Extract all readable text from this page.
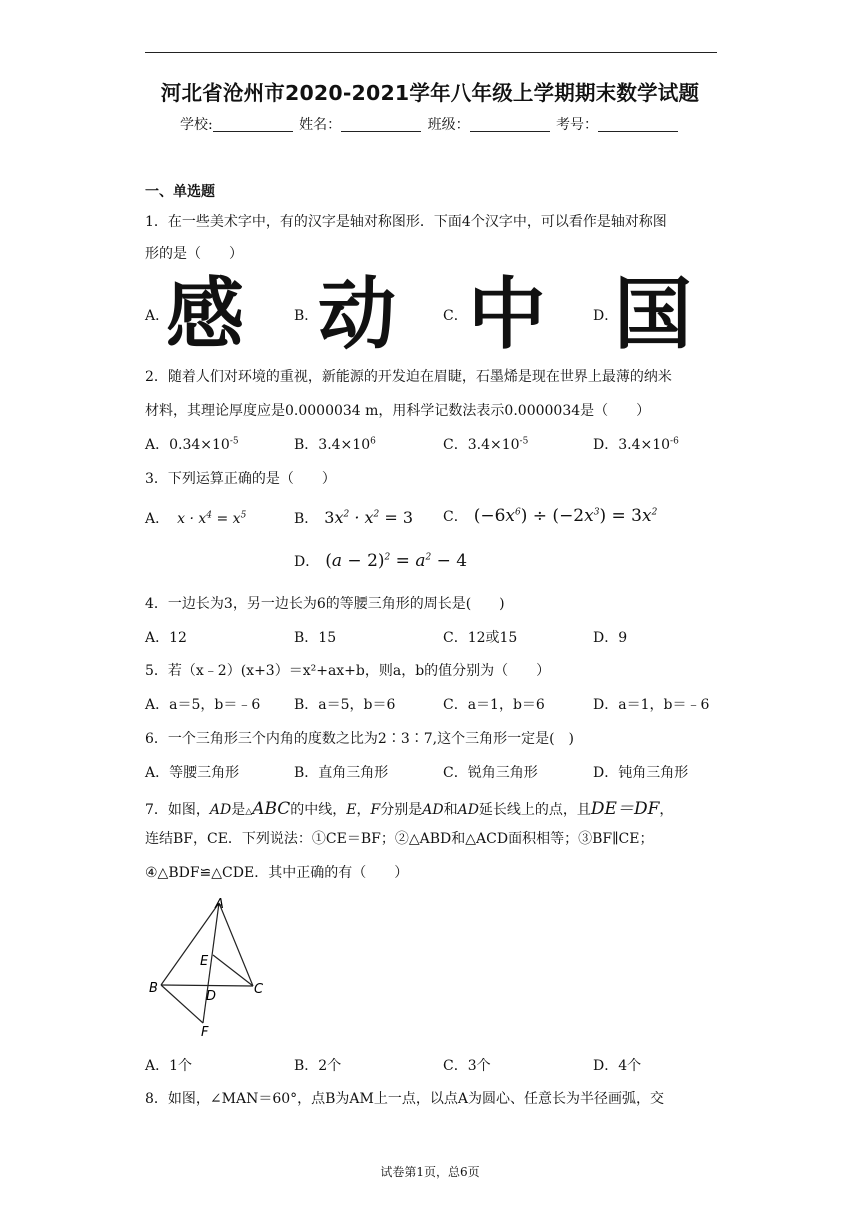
河北省沧州市2020-2021学年八年级上学期期末数学试题
学校:	姓名：	班级：	考号：
一、单选题
1．在一些美术字中，有的汉字是轴对称图形．下面4个汉字中，可以看作是轴对称图
形的是（　　）
A．
感	B． 动	C． 中	D．
国
2．随着人们对环境的重视，新能源的开发迫在眉睫，石墨烯是现在世界上最薄的纳米
材料，其理论厚度应是0.0000034 m，用科学记数法表示0.0000034是（　　）
A．$0.34\times 10^{-5}$	B．$3.4\times 10^6$	C．$3.4\times 10^{-5}$	D．$3.4\times 10^{-6}$
3．下列运算正确的是（　　）
A． $x \cdot x^4 = x^5$	B． $3x^2 \cdot x^2 = 3$ C． $(-6x^6) \div (-2x^3) = 3x^2$
D． $(a - 2)^2 = a^2 - 4$
4．一边长为3，另一边长为6的等腰三角形的周长是(　　)
A．12	B．15	C．12或15	D．9
5．若（x﹣2）(x+3）＝x²+ax+b，则a，b的值分别为（　　）
A．a＝5，b＝﹣6 B．a＝5，b＝6	C．a＝1，b＝6	D．a＝1，b＝﹣6
6．一个三角形三个内角的度数之比为2∶3∶7,这个三角形一定是(　)
A．等腰三角形	B．直角三角形	C．锐角三角形	D．钝角三角形
7．如图，AD是△ABC的中线，E，F分别是AD和AD延长线上的点，且DE＝DF，
连结BF，CE．下列说法：①CE＝BF；②△ABD和△ACD面积相等；③BF∥CE；
④△BDF≌△CDE．其中正确的有（　　）
A
E
B
D	C
F
A．1个	B．2个	C．3个	D．4个
8．如图，∠MAN＝60°，点B为AM上一点，以点A为圆心、任意长为半径画弧，交
试卷第1页，总6页
